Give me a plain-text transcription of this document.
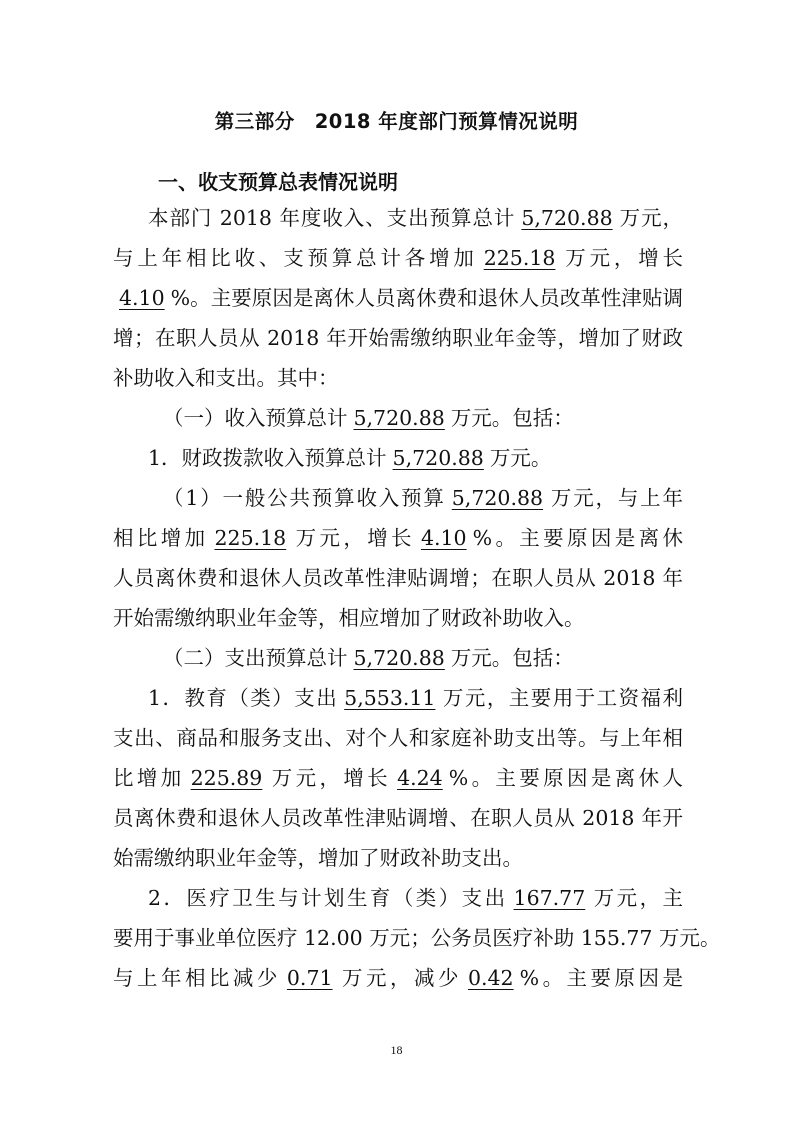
第三部分　2018 年度部门预算情况说明
一、收支预算总表情况说明
本部门 2018 年度收入、支出预算总计 5,720.88 万元，
与上年相比收、支预算总计各增加 225.18 万元，增长
4.10 %。主要原因是离休人员离休费和退休人员改革性津贴调
增；在职人员从 2018 年开始需缴纳职业年金等，增加了财政
补助收入和支出。其中：
（一）收入预算总计 5,720.88 万元。包括：
1．财政拨款收入预算总计 5,720.88 万元。
（1）一般公共预算收入预算 5,720.88 万元，与上年
相比增加 225.18 万元，增长 4.10 %。主要原因是离休
人员离休费和退休人员改革性津贴调增；在职人员从 2018 年
开始需缴纳职业年金等，相应增加了财政补助收入。
（二）支出预算总计 5,720.88 万元。包括：
1．教育（类）支出 5,553.11 万元，主要用于工资福利
支出、商品和服务支出、对个人和家庭补助支出等。与上年相
比增加 225.89 万元，增长 4.24 %。主要原因是离休人
员离休费和退休人员改革性津贴调增、在职人员从 2018 年开
始需缴纳职业年金等，增加了财政补助支出。
2．医疗卫生与计划生育（类）支出 167.77 万元，主
要用于事业单位医疗 12.00 万元；公务员医疗补助 155.77 万元。
与上年相比减少 0.71 万元，减少 0.42 %。主要原因是
18
